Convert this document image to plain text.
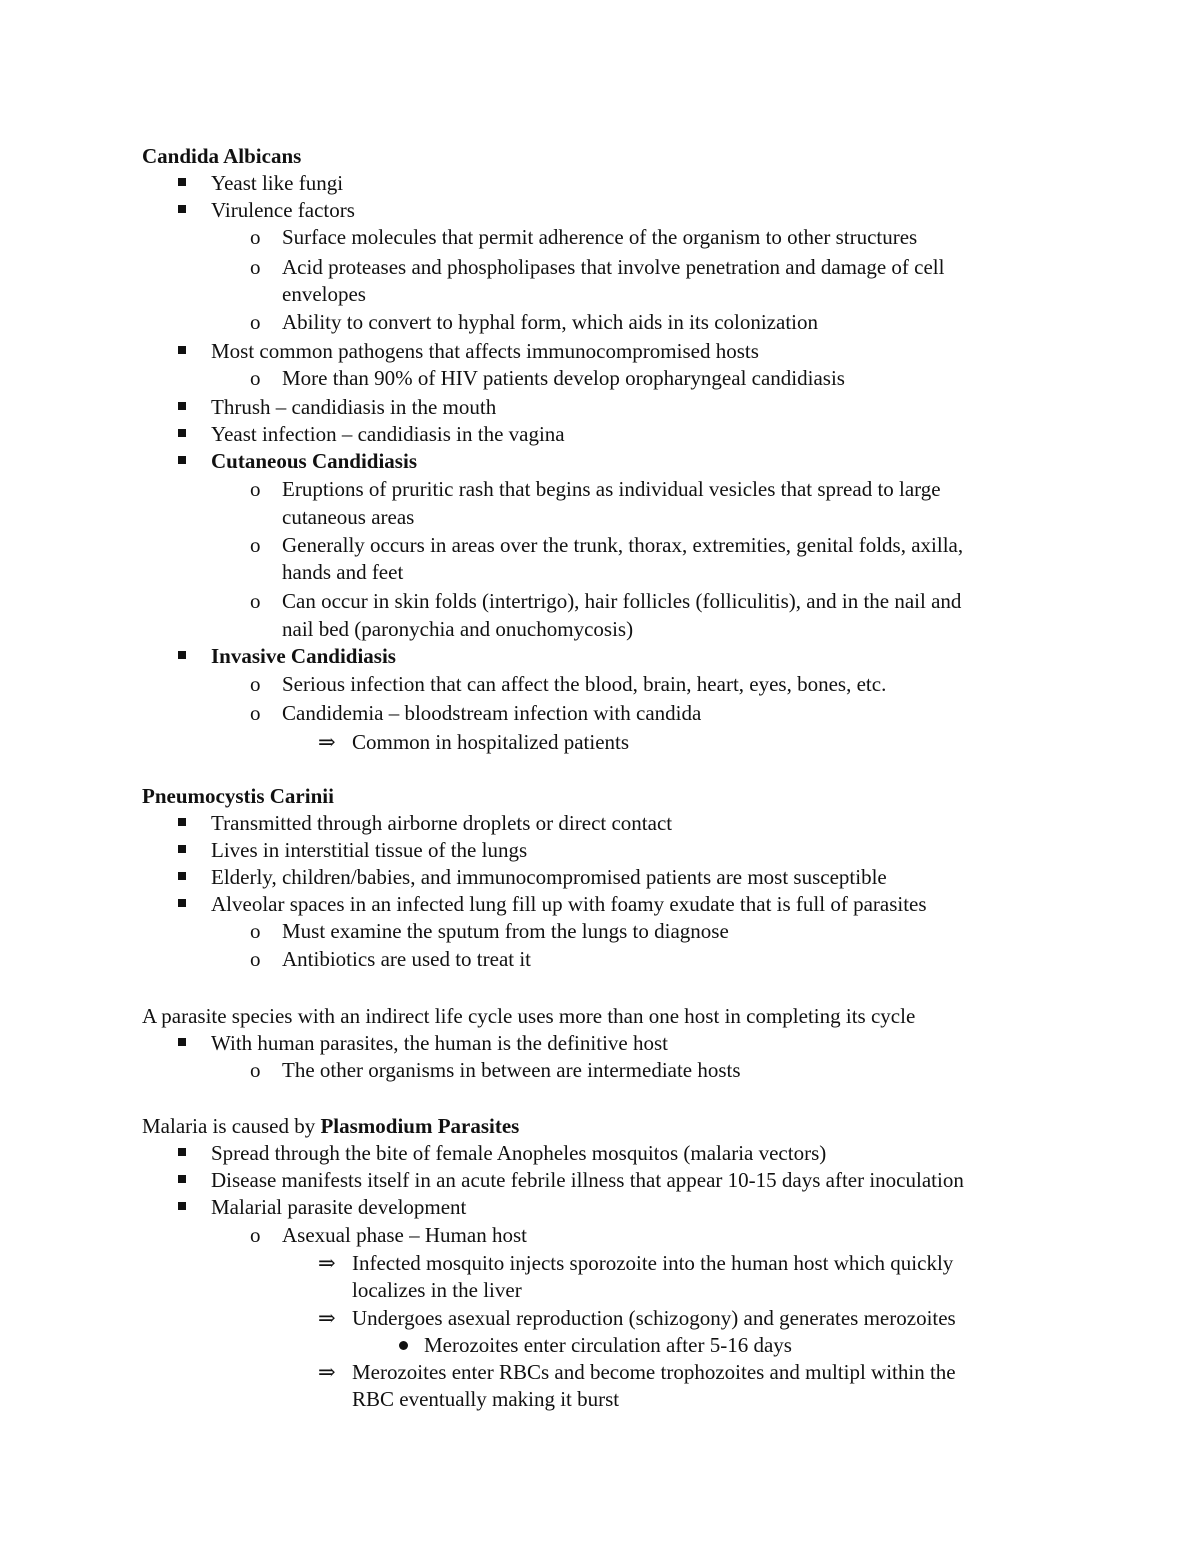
Candida Albicans
Yeast like fungi
Virulence factors
o Surface molecules that permit adherence of the organism to other structures
o Acid proteases and phospholipases that involve penetration and damage of cell
envelopes
o Ability to convert to hyphal form, which aids in its colonization
Most common pathogens that affects immunocompromised hosts
o More than 90% of HIV patients develop oropharyngeal candidiasis
Thrush – candidiasis in the mouth
Yeast infection – candidiasis in the vagina
Cutaneous Candidiasis
o Eruptions of pruritic rash that begins as individual vesicles that spread to large
cutaneous areas
o Generally occurs in areas over the trunk, thorax, extremities, genital folds, axilla,
hands and feet
o Can occur in skin folds (intertrigo), hair follicles (folliculitis), and in the nail and
nail bed (paronychia and onuchomycosis)
Invasive Candidiasis
o Serious infection that can affect the blood, brain, heart, eyes, bones, etc.
o Candidemia – bloodstream infection with candida
⇒ Common in hospitalized patients
Pneumocystis Carinii
Transmitted through airborne droplets or direct contact
Lives in interstitial tissue of the lungs
Elderly, children/babies, and immunocompromised patients are most susceptible
Alveolar spaces in an infected lung fill up with foamy exudate that is full of parasites
o Must examine the sputum from the lungs to diagnose
o Antibiotics are used to treat it
A parasite species with an indirect life cycle uses more than one host in completing its cycle
With human parasites, the human is the definitive host
o The other organisms in between are intermediate hosts
Malaria is caused by Plasmodium Parasites
Spread through the bite of female Anopheles mosquitos (malaria vectors)
Disease manifests itself in an acute febrile illness that appear 10-15 days after inoculation
Malarial parasite development
o Asexual phase – Human host
⇒ Infected mosquito injects sporozoite into the human host which quickly
localizes in the liver
⇒ Undergoes asexual reproduction (schizogony) and generates merozoites
Merozoites enter circulation after 5-16 days
⇒ Merozoites enter RBCs and become trophozoites and multipl within the
RBC eventually making it burst
